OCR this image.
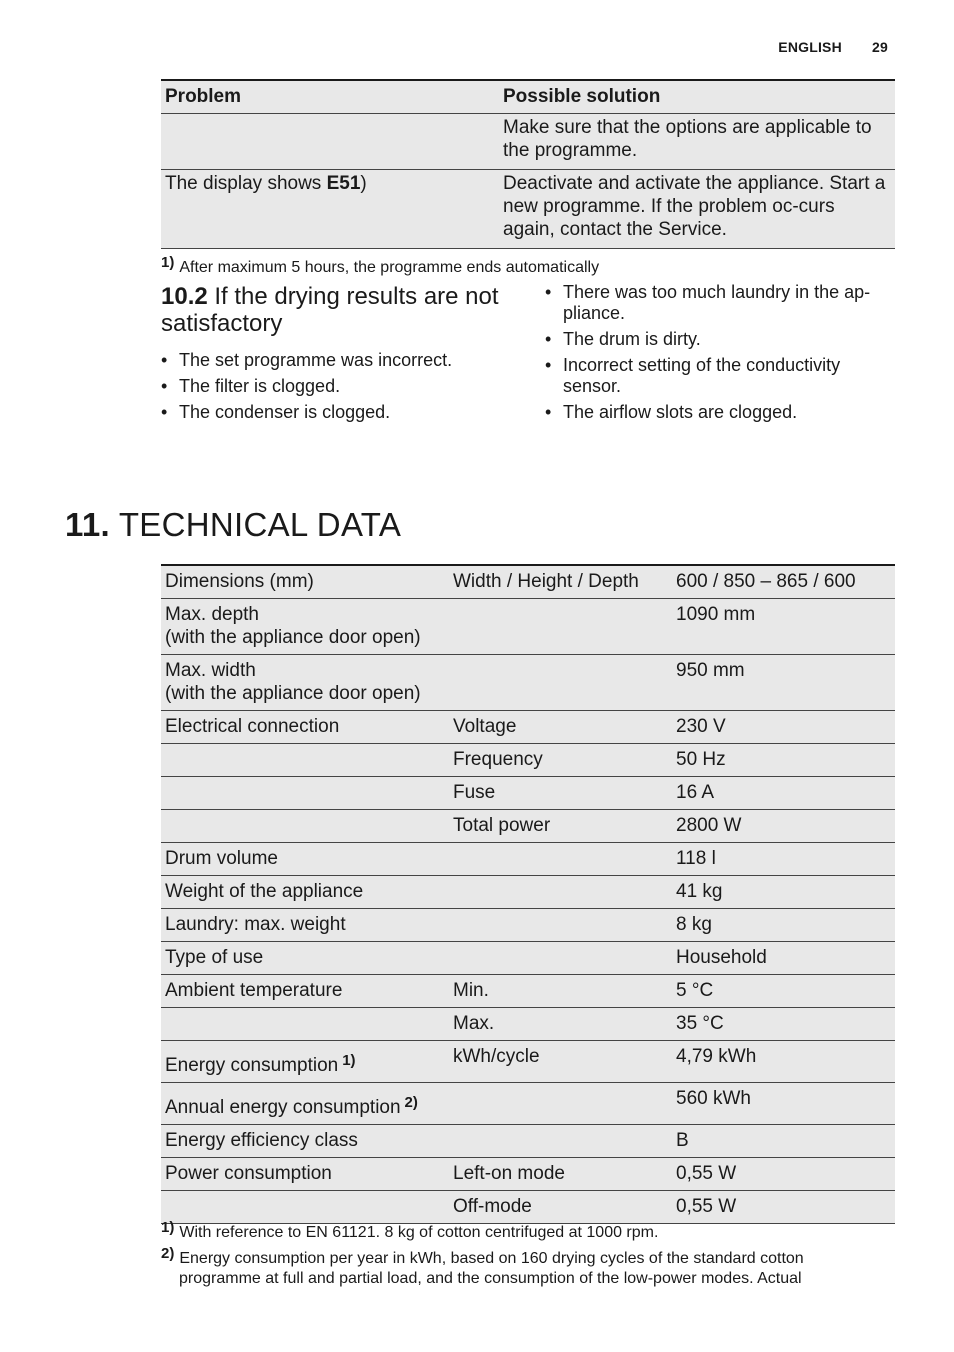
ENGLISH 29
Problem	Possible solution
	Make sure that the options are applicable to the programme.
The display shows E51)	Deactivate and activate the appliance. Start a new programme. If the problem oc-curs again, contact the Service.
1) After maximum 5 hours, the programme ends automatically
10.2 If the drying results are not satisfactory
• The set programme was incorrect.
• The filter is clogged.
• The condenser is clogged.
• There was too much laundry in the ap-pliance.
• The drum is dirty.
• Incorrect setting of the conductivity sensor.
• The airflow slots are clogged.
11. TECHNICAL DATA
Dimensions (mm)	Width / Height / Depth	600 / 850 – 865 / 600

Max. depth
(with the appliance door open)		1090 mm

Max. width
(with the appliance door open)		950 mm
Electrical connection	Voltage	230 V
	Frequency	50 Hz
	Fuse	16 A
	Total power	2800 W
Drum volume		118 l
Weight of the appliance		41 kg
Laundry: max. weight		8 kg
Type of use		Household
Ambient temperature	Min.	5 °C
	Max.	35 °C
Energy consumption $^{1)}$	kWh/cycle	4,79 kWh
Annual energy consumption $^{2)}$		560 kWh
Energy efficiency class		B
Power consumption	Left-on mode	0,55 W
	Off-mode	0,55 W
1) With reference to EN 61121. 8 kg of cotton centrifuged at 1000 rpm.
2) Energy consumption per year in kWh, based on 160 drying cycles of the standard cotton
programme at full and partial load, and the consumption of the low-power modes. Actual
